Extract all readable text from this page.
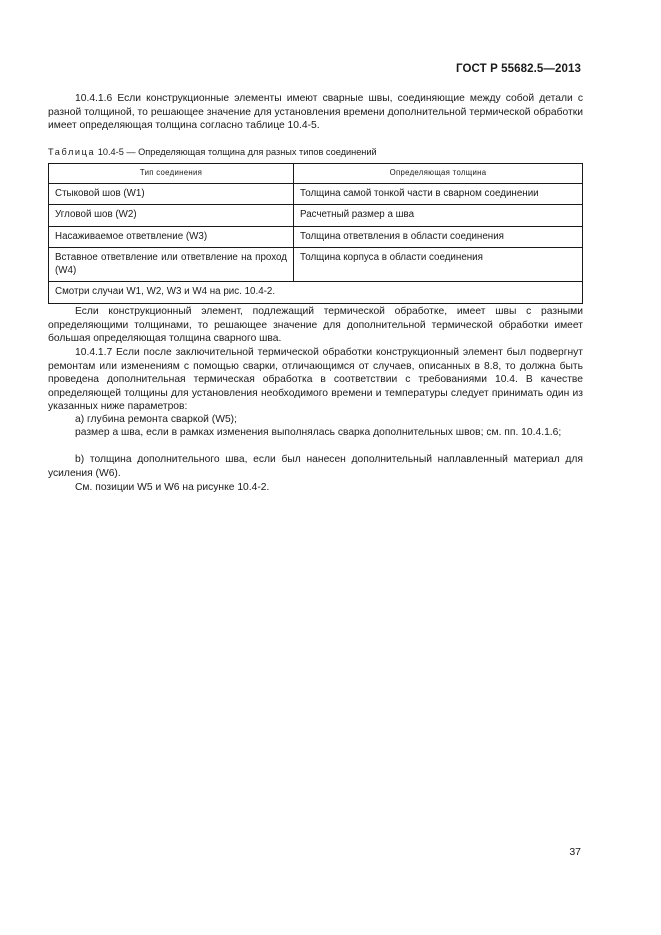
ГОСТ Р 55682.5—2013

10.4.1.6 Если конструкционные элементы имеют сварные швы, соединяющие между собой детали с разной толщиной, то решающее значение для установления времени дополнительной термической обработки имеет определяющая толщина согласно таблице 10.4-5.

Таблица 10.4-5 — Определяющая толщина для разных типов соединений
Тип соединения	Определяющая толщина
Стыковой шов (W1)	Толщина самой тонкой части в сварном соединении
Угловой шов (W2)	Расчетный размер a шва
Насаживаемое ответвление (W3)	Толщина ответвления в области соединения
Вставное ответвление или ответвление на проход (W4)	Толщина корпуса в области соединения
Смотри случаи W1, W2, W3 и W4 на рис. 10.4-2.	

Если конструкционный элемент, подлежащий термической обработке, имеет швы с разными определяющими толщинами, то решающее значение для дополнительной термической обработки имеет большая определяющая толщина сварного шва.

10.4.1.7 Если после заключительной термической обработки конструкционный элемент был подвергнут ремонтам или изменениям с помощью сварки, отличающимся от случаев, описанных в 8.8, то должна быть проведена дополнительная термическая обработка в соответствии с требованиями 10.4. В качестве определяющей толщины для установления необходимого времени и температуры следует принимать один из указанных ниже параметров:

а) глубина ремонта сваркой (W5);

размер а шва, если в рамках изменения выполнялась сварка дополнительных швов; см. пп. 10.4.1.6;

b) толщина дополнительного шва, если был нанесен дополнительный наплавленный материал для усиления (W6).

См. позиции W5 и W6 на рисунке 10.4-2.

37
